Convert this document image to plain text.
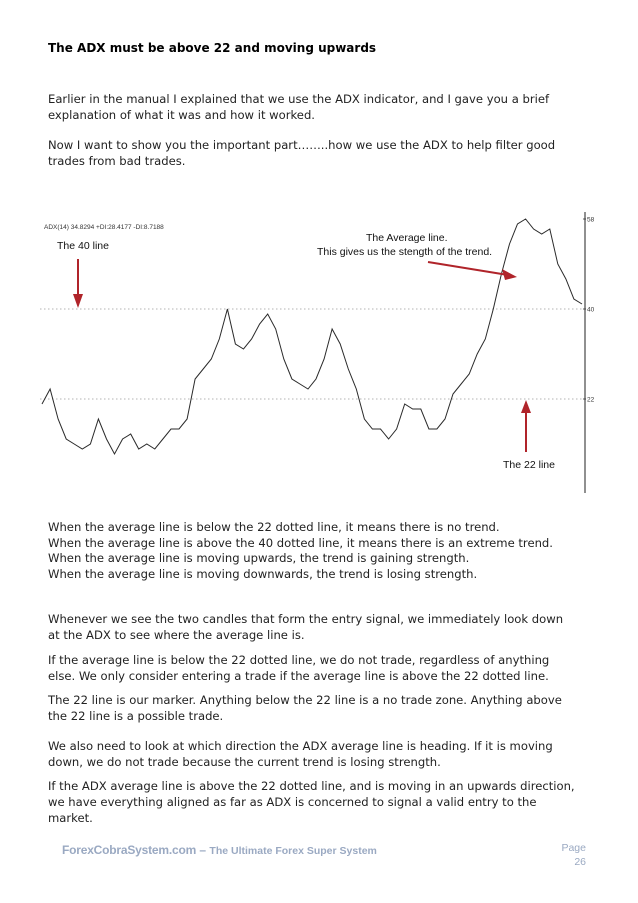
The ADX must be above 22 and moving upwards

Earlier in the manual I explained that we use the ADX indicator, and I gave you a brief
explanation of what it was and how it worked.

Now I want to show you the important part……..how we use the ADX to help filter good
trades from bad trades.

58
40
22
ADX(14) 34.8294 +DI:28.4177 -DI:8.7188
The 40 line
The Average line.
This gives us the stength of the trend.
The 22 line
When the average line is below the 22 dotted line, it means there is no trend.
When the average line is above the 40 dotted line, it means there is an extreme trend.
When the average line is moving upwards, the trend is gaining strength.
When the average line is moving downwards, the trend is losing strength.

Whenever we see the two candles that form the entry signal, we immediately look down
at the ADX to see where the average line is.

If the average line is below the 22 dotted line, we do not trade, regardless of anything
else. We only consider entering a trade if the average line is above the 22 dotted line.

The 22 line is our marker. Anything below the 22 line is a no trade zone. Anything above
the 22 line is a possible trade.

We also need to look at which direction the ADX average line is heading. If it is moving
down, we do not trade because the current trend is losing strength.

If the ADX average line is above the 22 dotted line, and is moving in an upwards direction,
we have everything aligned as far as ADX is concerned to signal a valid entry to the
market.

ForexCobraSystem.com – The Ultimate Forex Super System	Page
26
